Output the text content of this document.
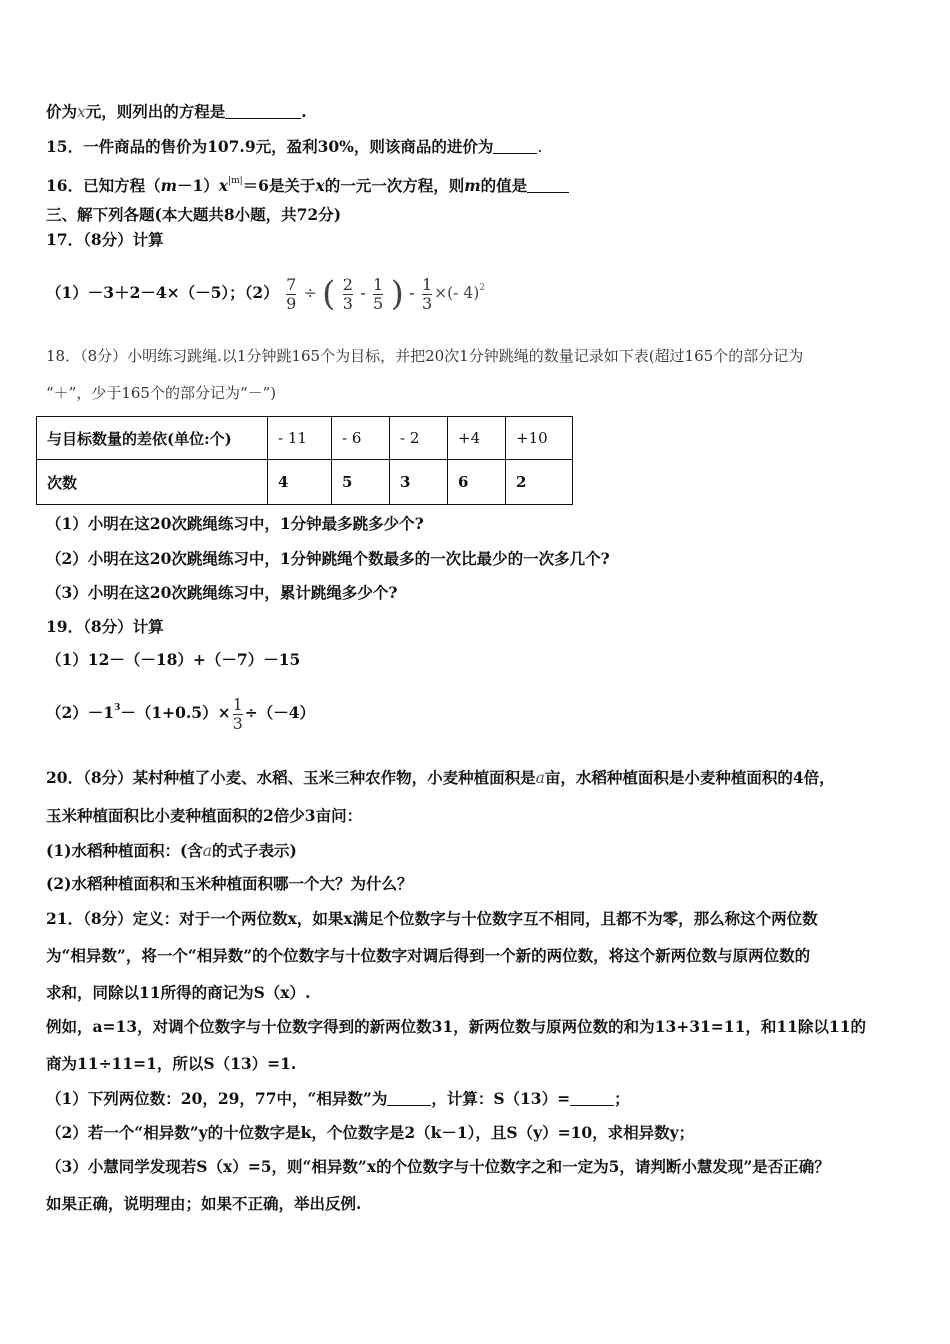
价为x元，则列出的方程是	.
15．一件商品的售价为107.9元，盈利30%，则该商品的进价为	.
16．已知方程$(m-1)x^{|m|}=6$是关于x的一元一次方程，则m的值是
三、解下列各题(本大题共8小题，共72分)
17．（8分）计算
（1）－3＋2－4×（－5）；$(2) \frac{7}{9}$ ÷ ( $\frac{2}{3} - \frac{1}{5}$ ) - $\frac{1}{3}$ ×(- 4)$^2$
18．（8分）小明练习跳绳.以1分钟跳165个为目标，并把20次1分钟跳绳的数量记录如下表(超过165个的部分记为
“＋”，少于165个的部分记为“－”)
与目标数量的差依(单位:个)	- 11	- 6	- 2	+4	+10
次数	4	5	3	6	2
（1）小明在这20次跳绳练习中，1分钟最多跳多少个?
（2）小明在这20次跳绳练习中，1分钟跳绳个数最多的一次比最少的一次多几个?
（3）小明在这20次跳绳练习中，累计跳绳多少个?
19．（8分）计算
（1）12－（－18）+（－7）－15
$(2)-1^3-(1+0.5)\times \frac{1}{3} \div(-4)$
20．（8分）某村种植了小麦、水稻、玉米三种农作物，小麦种植面积是a亩，水稻种植面积是小麦种植面积的4倍，
玉米种植面积比小麦种植面积的2倍少3亩问：
(1)水稻种植面积：(含a的式子表示)
(2)水稻种植面积和玉米种植面积哪一个大？为什么？
21．（8分）定义：对于一个两位数x，如果x满足个位数字与十位数字互不相同，且都不为零，那么称这个两位数
为“相异数”，将一个“相异数”的个位数字与十位数字对调后得到一个新的两位数，将这个新两位数与原两位数的
求和，同除以11所得的商记为S（x）.
例如，a=13，对调个位数字与十位数字得到的新两位数31，新两位数与原两位数的和为13+31=11，和11除以11的
商为11÷11=1，所以S（13）=1.
（1）下列两位数：20，29，77中，“相异数”为	，计算：S（13）=	；
（2）若一个“相异数”y的十位数字是k，个位数字是2（k－1），且S（y）=10，求相异数y；
（3）小慧同学发现若S（x）=5，则“相异数”x的个位数字与十位数字之和一定为5，请判断小慧发现”是否正确？
如果正确，说明理由；如果不正确，举出反例.
